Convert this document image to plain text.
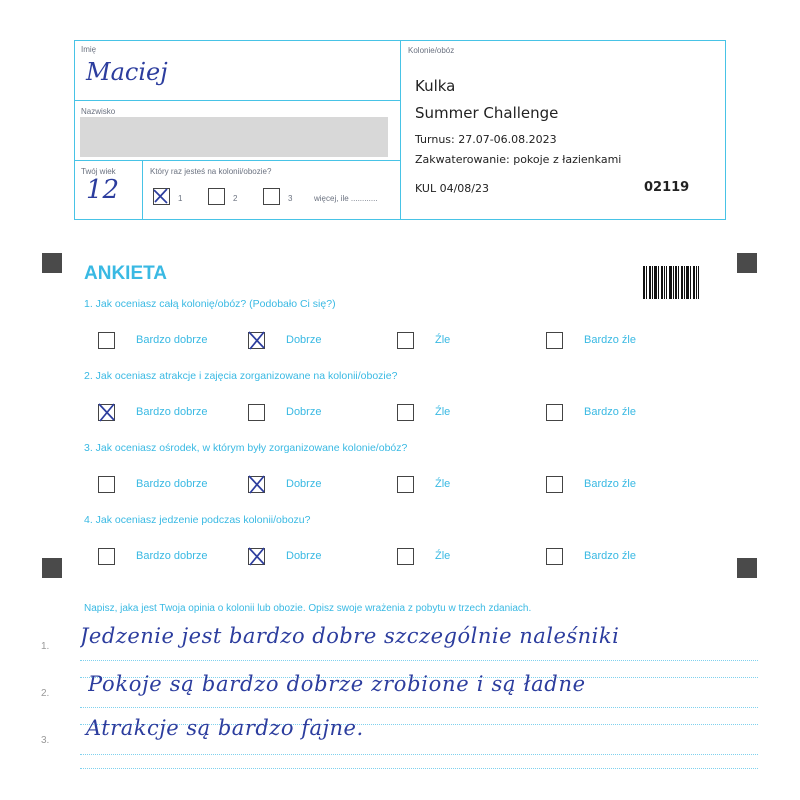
Imię
Maciej
Nazwisko
Twój wiek
12
Który raz jesteś na kolonii/obozie?
1	2	3	więcej, ile ............
Kolonie/obóz
Kulka
Summer Challenge
Turnus: 27.07-06.08.2023
Zakwaterowanie: pokoje z łazienkami
KUL 04/08/23	02119
ANKIETA
1. Jak oceniasz całą kolonię/obóz? (Podobało Ci się?)
Bardzo dobrze	Dobrze	Źle	Bardzo źle
2. Jak oceniasz atrakcje i zajęcia zorganizowane na kolonii/obozie?
Bardzo dobrze	Dobrze	Źle	Bardzo źle
3. Jak oceniasz ośrodek, w którym były zorganizowane kolonie/obóz?
Bardzo dobrze	Dobrze	Źle	Bardzo źle
4. Jak oceniasz jedzenie podczas kolonii/obozu?
Bardzo dobrze	Dobrze	Źle	Bardzo źle
Napisz, jaka jest Twoja opinia o kolonii lub obozie. Opisz swoje wrażenia z pobytu w trzech zdaniach.
1.
2.
3.
Jedzenie jest bardzo dobre szczególnie naleśniki
Pokoje są bardzo dobrze zrobione i są ładne
Atrakcje są bardzo fajne.
